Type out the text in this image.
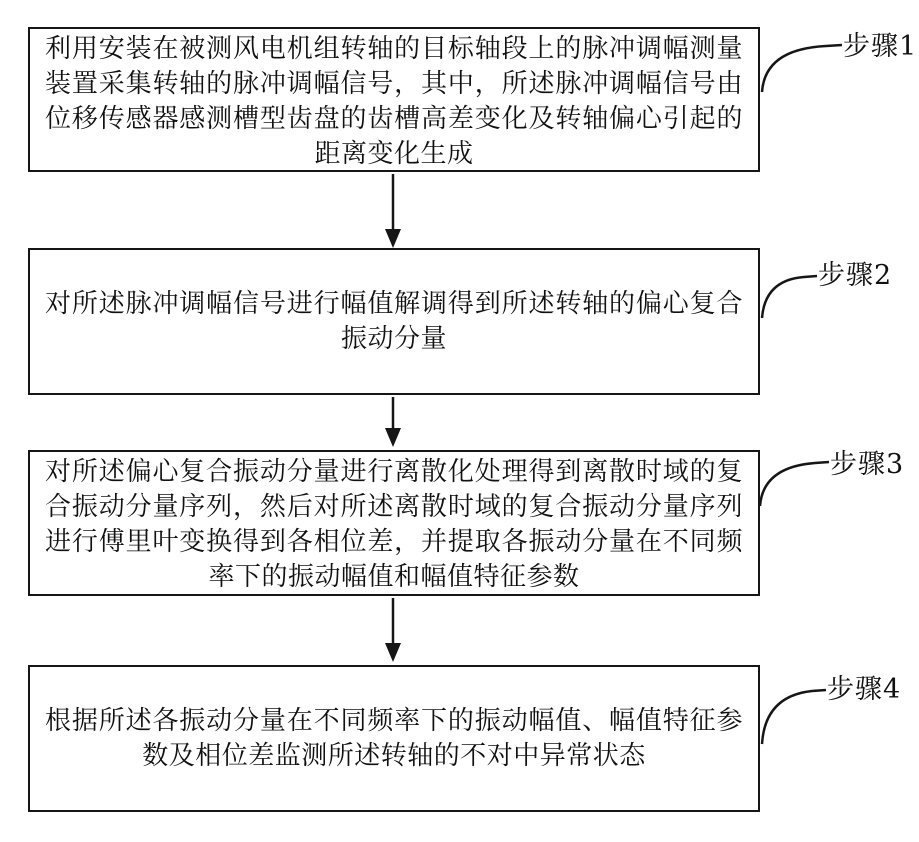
利用安装在被测风电机组转轴的目标轴段上的脉冲调幅测量装置采集转轴的脉冲调幅信号，其中，所述脉冲调幅信号由位移传感器感测槽型齿盘的齿槽高差变化及转轴偏心引起的距离变化生成
对所述脉冲调幅信号进行幅值解调得到所述转轴的偏心复合振动分量
对所述偏心复合振动分量进行离散化处理得到离散时域的复合振动分量序列，然后对所述离散时域的复合振动分量序列进行傅里叶变换得到各相位差，并提取各振动分量在不同频率下的振动幅值和幅值特征参数
根据所述各振动分量在不同频率下的振动幅值、幅值特征参数及相位差监测所述转轴的不对中异常状态
步骤1
步骤2
步骤3
步骤4
